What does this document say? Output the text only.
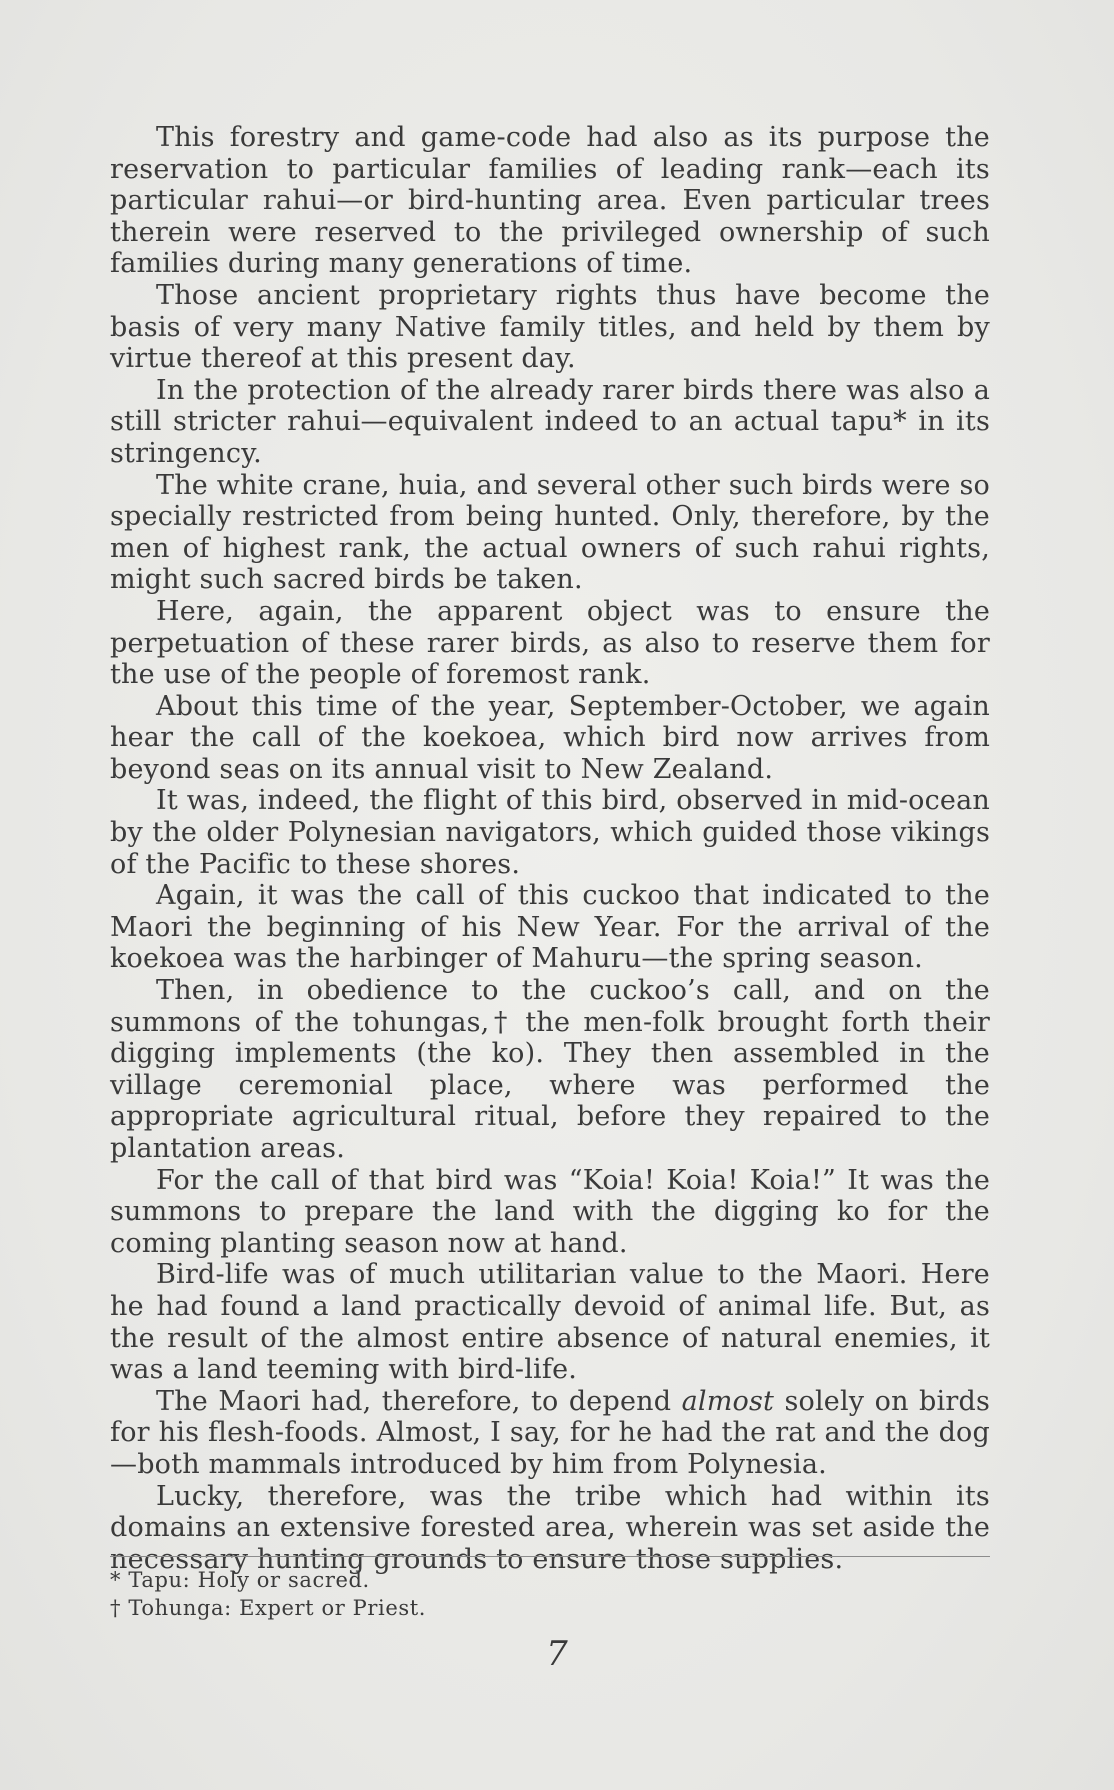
This forestry and game-code had also as its purpose the reservation to particular families of leading rank—each its particular rahui—or bird-hunting area. Even particular trees therein were reserved to the privileged ownership of such families during many generations of time.

Those ancient proprietary rights thus have become the basis of very many Native family titles, and held by them by virtue thereof at this present day.

In the protection of the already rarer birds there was also a still stricter rahui—equivalent indeed to an actual tapu* in its stringency.

The white crane, huia, and several other such birds were so specially restricted from being hunted. Only, therefore, by the men of highest rank, the actual owners of such rahui rights, might such sacred birds be taken.

Here, again, the apparent object was to ensure the perpetuation of these rarer birds, as also to reserve them for the use of the people of foremost rank.

About this time of the year, September-October, we again hear the call of the koekoea, which bird now arrives from beyond seas on its annual visit to New Zealand.

It was, indeed, the flight of this bird, observed in mid-ocean by the older Polynesian navigators, which guided those vikings of the Pacific to these shores.

Again, it was the call of this cuckoo that indicated to the Maori the beginning of his New Year. For the arrival of the koekoea was the harbinger of Mahuru—the spring season.

Then, in obedience to the cuckoo’s call, and on the summons of the tohungas,† the men-folk brought forth their digging implements (the ko). They then assembled in the village ceremonial place, where was performed the appropriate agricultural ritual, before they repaired to the plantation areas.

For the call of that bird was “Koia! Koia! Koia!” It was the summons to prepare the land with the digging ko for the coming planting season now at hand.

Bird-life was of much utilitarian value to the Maori. Here he had found a land practically devoid of animal life. But, as the result of the almost entire absence of natural enemies, it was a land teeming with bird-life.

The Maori had, therefore, to depend almost solely on birds for his flesh-foods. Almost, I say, for he had the rat and the dog—both mammals introduced by him from Polynesia.

Lucky, therefore, was the tribe which had within its domains an extensive forested area, wherein was set aside the necessary hunting grounds to ensure those supplies.

* Tapu: Holy or sacred.

† Tohunga: Expert or Priest.

7
